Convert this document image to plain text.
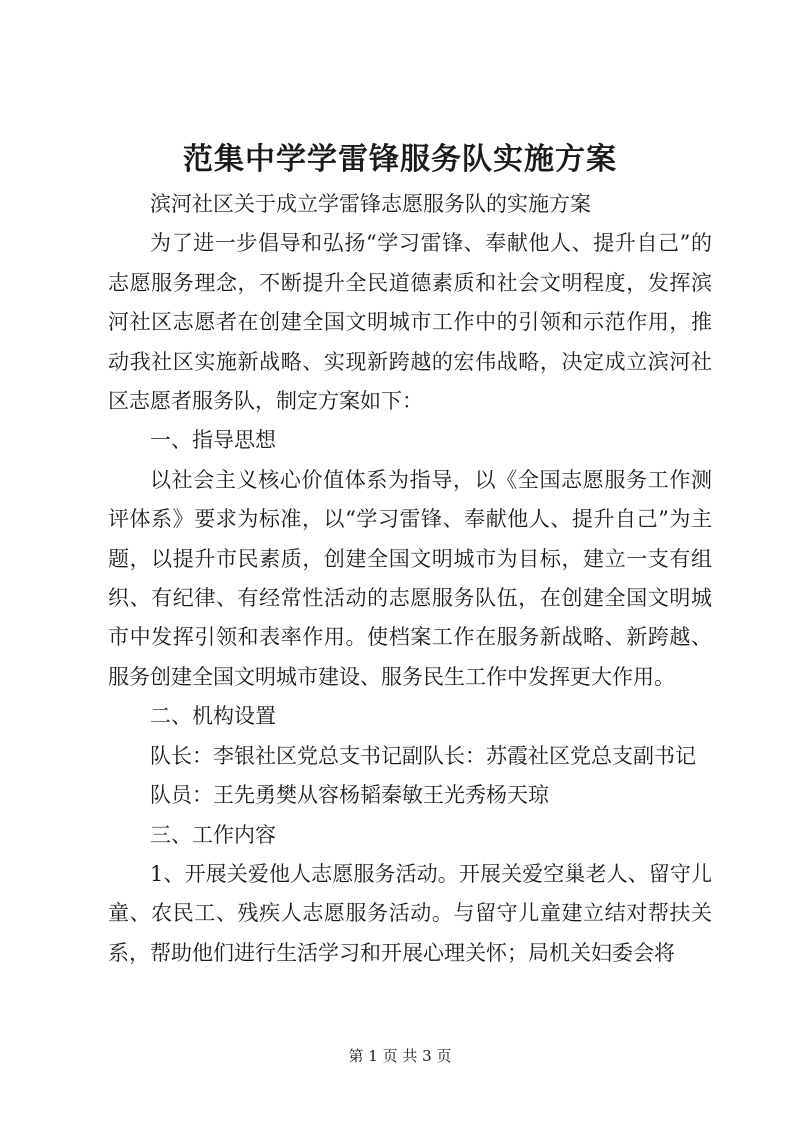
范集中学学雷锋服务队实施方案

滨河社区关于成立学雷锋志愿服务队的实施方案

为了进一步倡导和弘扬“学习雷锋、奉献他人、提升自己”的志愿服务理念，不断提升全民道德素质和社会文明程度，发挥滨河社区志愿者在创建全国文明城市工作中的引领和示范作用，推动我社区实施新战略、实现新跨越的宏伟战略，决定成立滨河社区志愿者服务队，制定方案如下：

一、指导思想

以社会主义核心价值体系为指导，以《全国志愿服务工作测评体系》要求为标准，以“学习雷锋、奉献他人、提升自己”为主题，以提升市民素质，创建全国文明城市为目标，建立一支有组织、有纪律、有经常性活动的志愿服务队伍，在创建全国文明城市中发挥引领和表率作用。使档案工作在服务新战略、新跨越、服务创建全国文明城市建设、服务民生工作中发挥更大作用。

二、机构设置

队长：李银社区党总支书记副队长：苏霞社区党总支副书记

队员：王先勇樊从容杨韬秦敏王光秀杨天琼

三、工作内容

1、开展关爱他人志愿服务活动。开展关爱空巢老人、留守儿童、农民工、残疾人志愿服务活动。与留守儿童建立结对帮扶关系，帮助他们进行生活学习和开展心理关怀；局机关妇委会将

第 1 页 共 3 页
